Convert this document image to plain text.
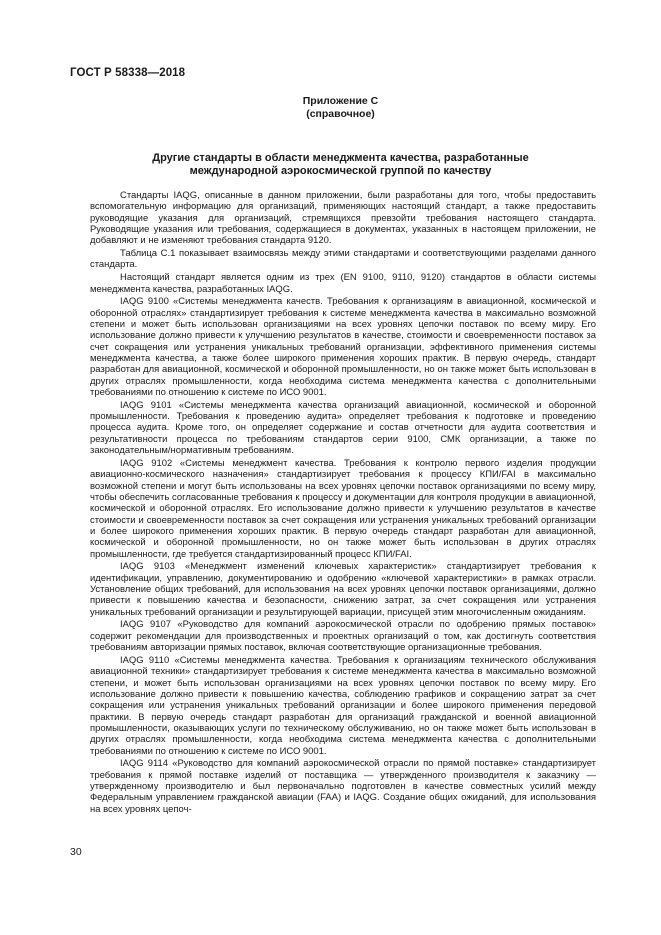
ГОСТ Р 58338—2018
Приложение С
(справочное)
Другие стандарты в области менеджмента качества, разработанные
международной аэрокосмической группой по качеству

Стандарты IAQG, описанные в данном приложении, были разработаны для того, чтобы предоставить вспомогательную информацию для организаций, применяющих настоящий стандарт, а также предоставить руководящие указания для организаций, стремящихся превзойти требования настоящего стандарта. Руководящие указания или требования, содержащиеся в документах, указанных в настоящем приложении, не добавляют и не изменяют требования стандарта 9120.

Таблица С.1 показывает взаимосвязь между этими стандартами и соответствующими разделами данного стандарта.

Настоящий стандарт является одним из трех (EN 9100, 9110, 9120) стандартов в области системы менеджмента качества, разработанных IAQG.

IAQG 9100 «Системы менеджмента качеств. Требования к организациям в авиационной, космической и оборонной отраслях» стандартизирует требования к системе менеджмента качества в максимально возможной степени и может быть использован организациями на всех уровнях цепочки поставок по всему миру. Его использование должно привести к улучшению результатов в качестве, стоимости и своевременности поставок за счет сокращения или устранения уникальных требований организации, эффективного применения системы менеджмента качества, а также более широкого применения хороших практик. В первую очередь, стандарт разработан для авиационной, космической и оборонной промышленности, но он также может быть использован в других отраслях промышленности, когда необходима система менеджмента качества с дополнительными требованиями по отношению к системе по ИСО 9001.

IAQG 9101 «Системы менеджмента качества организаций авиационной, космической и оборонной промышленности. Требования к проведению аудита» определяет требования к подготовке и проведению процесса аудита. Кроме того, он определяет содержание и состав отчетности для аудита соответствия и результативности процесса по требованиям стандартов серии 9100, СМК организации, а также по законодательным/нормативным требованиям.

IAQG 9102 «Системы менеджмент качества. Требования к контролю первого изделия продукции авиационно-космического назначения» стандартизирует требования к процессу КПИ/FAI в максимально возможной степени и могут быть использованы на всех уровнях цепочки поставок организациями по всему миру, чтобы обеспечить согласованные требования к процессу и документации для контроля продукции в авиационной, космической и оборонной отраслях. Его использование должно привести к улучшению результатов в качестве стоимости и своевременности поставок за счет сокращения или устранения уникальных требований организации и более широкого применения хороших практик. В первую очередь стандарт разработан для авиационной, космической и оборонной промышленности, но он также может быть использован в других отраслях промышленности, где требуется стандартизированный процесс КПИ/FAI.

IAQG 9103 «Менеджмент изменений ключевых характеристик» стандартизирует требования к идентификации, управлению, документированию и одобрению «ключевой характеристики» в рамках отрасли. Установление общих требований, для использования на всех уровнях цепочки поставок организациями, должно привести к повышению качества и безопасности, снижению затрат, за счет сокращения или устранения уникальных требований организации и результирующей вариации, присущей этим многочисленным ожиданиям.

IAQG 9107 «Руководство для компаний аэрокосмической отрасли по одобрению прямых поставок» содержит рекомендации для производственных и проектных организаций о том, как достигнуть соответствия требованиям авторизации прямых поставок, включая соответствующие организационные требования.

IAQG 9110 «Системы менеджмента качества. Требования к организациям технического обслуживания авиационной техники» стандартизирует требования к системе менеджмента качества в максимально возможной степени, и может быть использован организациями на всех уровнях цепочки поставок по всему миру. Его использование должно привести к повышению качества, соблюдению графиков и сокращению затрат за счет сокращения или устранения уникальных требований организации и более широкого применения передовой практики. В первую очередь стандарт разработан для организаций гражданской и военной авиационной промышленности, оказывающих услуги по техническому обслуживанию, но он также может быть использован в других отраслях промышленности, когда необходима система менеджмента качества с дополнительными требованиями по отношению к системе по ИСО 9001.

IAQG 9114 «Руководство для компаний аэрокосмической отрасли по прямой поставке» стандартизирует требования к прямой поставке изделий от поставщика — утвержденного производителя к заказчику — утвержденному производителю и был первоначально подготовлен в качестве совместных усилий между Федеральным управлением гражданской авиации (FAA) и IAQG. Создание общих ожиданий, для использования на всех уровнях цепоч-

30
